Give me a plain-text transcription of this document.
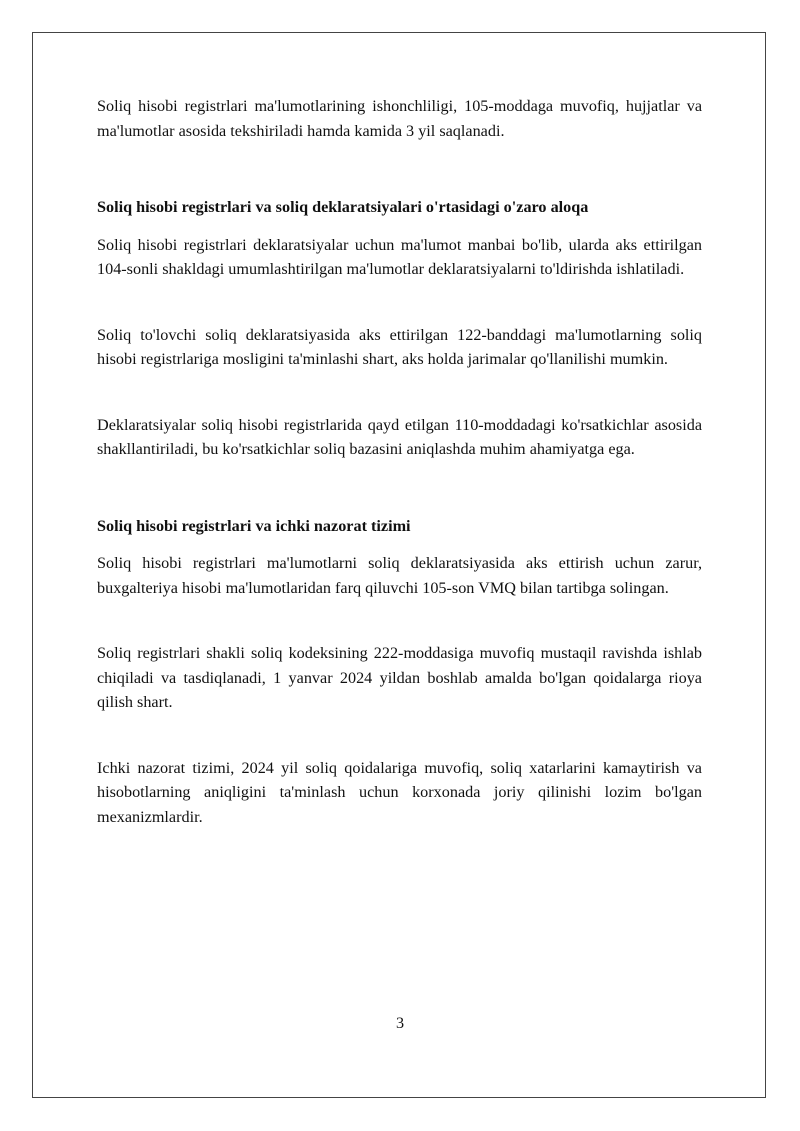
Soliq hisobi registrlari ma'lumotlarining ishonchliligi, 105-moddaga muvofiq, hujjatlar va ma'lumotlar asosida tekshiriladi hamda kamida 3 yil saqlanadi.

Soliq hisobi registrlari va soliq deklaratsiyalari o'rtasidagi o'zaro aloqa

Soliq hisobi registrlari deklaratsiyalar uchun ma'lumot manbai bo'lib, ularda aks ettirilgan 104-sonli shakldagi umumlashtirilgan ma'lumotlar deklaratsiyalarni to'ldirishda ishlatiladi.

Soliq to'lovchi soliq deklaratsiyasida aks ettirilgan 122-banddagi ma'lumotlarning soliq hisobi registrlariga mosligini ta'minlashi shart, aks holda jarimalar qo'llanilishi mumkin.

Deklaratsiyalar soliq hisobi registrlarida qayd etilgan 110-moddadagi ko'rsatkichlar asosida shakllantiriladi, bu ko'rsatkichlar soliq bazasini aniqlashda muhim ahamiyatga ega.

Soliq hisobi registrlari va ichki nazorat tizimi

Soliq hisobi registrlari ma'lumotlarni soliq deklaratsiyasida aks ettirish uchun zarur, buxgalteriya hisobi ma'lumotlaridan farq qiluvchi 105-son VMQ bilan tartibga solingan.

Soliq registrlari shakli soliq kodeksining 222-moddasiga muvofiq mustaqil ravishda ishlab chiqiladi va tasdiqlanadi, 1 yanvar 2024 yildan boshlab amalda bo'lgan qoidalarga rioya qilish shart.

Ichki nazorat tizimi, 2024 yil soliq qoidalariga muvofiq, soliq xatarlarini kamaytirish va hisobotlarning aniqligini ta'minlash uchun korxonada joriy qilinishi lozim bo'lgan mexanizmlardir.

3
